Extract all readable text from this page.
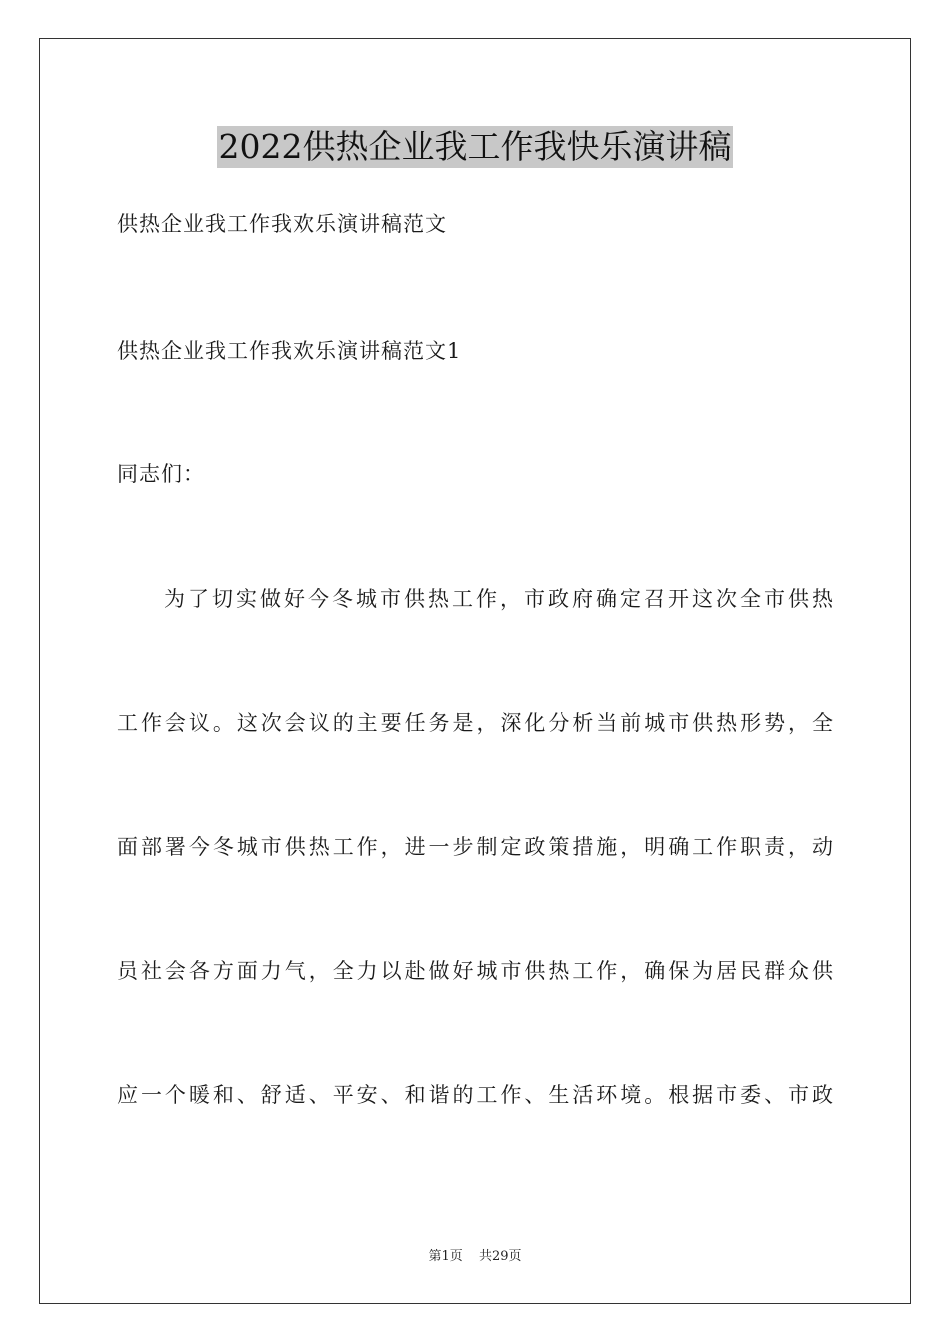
2022供热企业我工作我快乐演讲稿
供热企业我工作我欢乐演讲稿范文
供热企业我工作我欢乐演讲稿范文1
同志们：
为了切实做好今冬城市供热工作，市政府确定召开这次全市供热
工作会议。这次会议的主要任务是，深化分析当前城市供热形势，全
面部署今冬城市供热工作，进一步制定政策措施，明确工作职责，动
员社会各方面力气，全力以赴做好城市供热工作，确保为居民群众供
应一个暖和、舒适、平安、和谐的工作、生活环境。根据市委、市政
第1页 共29页
